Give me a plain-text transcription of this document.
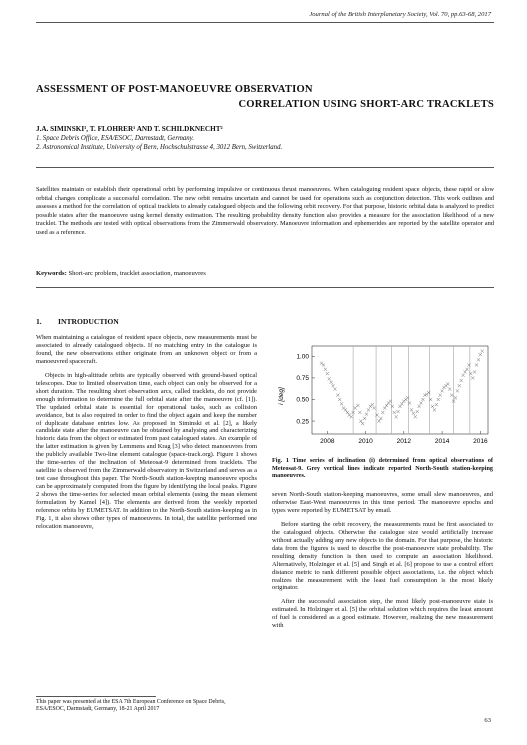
Journal of the British Interplanetary Society, Vol. 70, pp.63-68, 2017
ASSESSMENT OF POST-MANOEUVRE OBSERVATION
CORRELATION USING SHORT-ARC TRACKLETS
J.A. SIMINSKI¹, T. FLOHRER¹ AND T. SCHILDKNECHT²
1. Space Debris Office, ESA/ESOC, Darmstadt, Germany.
2. Astronomical Institute, University of Bern, Hochschulstrasse 4, 3012 Bern, Switzerland.
Satellites maintain or establish their operational orbit by performing impulsive or continuous thrust manoeuvres. When cataloguing resident space objects, these rapid or slow orbital changes complicate a successful correlation. The new orbit remains uncertain and cannot be used for operations such as conjunction detection. This work outlines and assesses a method for the correlation of optical tracklets to already catalogued objects and the following orbit recovery. For that purpose, historic orbital data is analyzed to predict possible states after the manoeuvre using kernel density estimation. The resulting probability density function also provides a measure for the association likelihood of a new tracklet. The methods are tested with optical observations from the Zimmerwald observatory. Manoeuvre information and ephemerides are reported by the satellite operator and used as a reference.
Keywords: Short-arc problem, tracklet association, manoeuvres
1. INTRODUCTION

When maintaining a catalogue of resident space objects, new measurements must be associated to already catalogued objects. If no matching entry in the catalogue is found, the new observations either originate from an unknown object or from a manoeuvred spacecraft.

Objects in high-altitude orbits are typically observed with ground-based optical telescopes. Due to limited observation time, each object can only be observed for a short duration. The resulting short observation arcs, called tracklets, do not provide enough information to determine the full orbital state after the manoeuvre (cf. [1]). The updated orbital state is essential for operational tasks, such as collision avoidance, but is also required in order to find the object again and keep the number of duplicate database entries low. As proposed in Siminski et al. [2], a likely candidate state after the manoeuvre can be obtained by analysing and characterizing historic data from the object or estimated from past catalogued states. An example of the latter estimation is given by Lemmens and Krag [3] who detect manoeuvres from the publicly available Two-line element catalogue (space-track.org). Figure 1 shows the time-series of the inclination of Meteosat-9 determined from tracklets. The satellite is observed from the Zimmerwald observatory in Switzerland and serves as a test case throughout this paper. The North-South station-keeping manoeuvre epochs can be approximately computed from the figure by identifying the local peaks. Figure 2 shows the time-series for selected mean orbital elements (using the mean element formulation by Kamel [4]). The elements are derived from the weekly reported reference orbits by EUMETSAT. In addition to the North-South station-keeping as in Fig. 1, it also shows other types of manoeuvres. In total, the satellite performed one relocation manoeuvre,

0.25
0.50
0.75
1.00
2008	2010	2012	2014	2016
i [deg]
Fig. 1 Time series of inclination (i) determined from optical observations of Meteosat-9. Grey vertical lines indicate reported North-South station-keeping manoeuvres.

seven North-South station-keeping manoeuvres, some small slew manoeuvres, and otherwise East-West manoeuvres in this time period. The manoeuvre epochs and types were reported by EUMETSAT by email.

Before starting the orbit recovery, the measurements must be first associated to the catalogued objects. Otherwise the catalogue size would artificially increase without actually adding any new objects to the domain. For that purpose, the historic data from the figures is used to describe the post-manoeuvre state probability. The resulting density function is then used to compute an association likelihood. Alternatively, Holzinger et al. [5] and Singh et al. [6] propose to use a control effort distance metric to rank different possible object associations, i.e. the object which realizes the measurement with the least fuel consumption is the most likely originator.

After the successful association step, the most likely post-manoeuvre state is estimated. In Holzinger et al. [5] the orbital solution which requires the least amount of fuel is considered as a good estimate. However, realizing the new measurement with

This paper was presented at the ESA 7th European Conference on Space Debris, ESA/ESOC, Darmstadt, Germany, 18-21 April 2017
63
